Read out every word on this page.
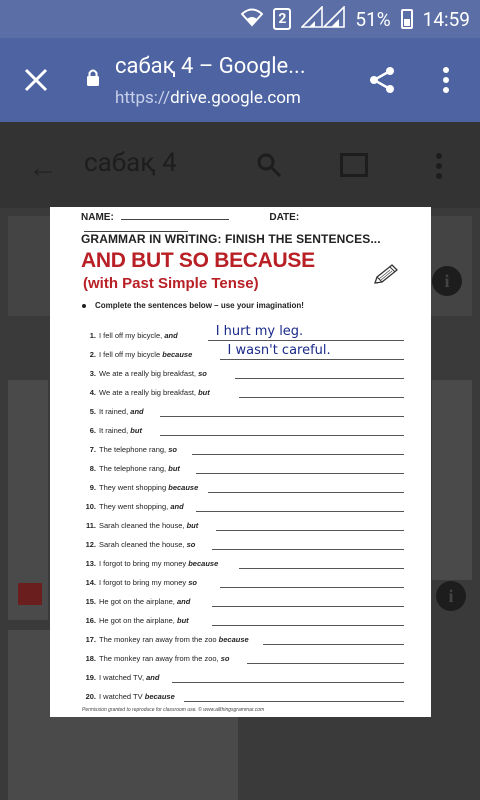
2	51% 14:59
сабақ 4 – Google...
https://drive.google.com
← сабақ 4
i
i
NAME:	DATE:
GRAMMAR IN WRITING: FINISH THE SENTENCES...
AND BUT SO BECAUSE
(with Past Simple Tense)
Complete the sentences below – use your imagination!
1. I fell off my bicycle, and	I hurt my leg.
2. I fell off my bicycle because	I wasn't careful.
3. We ate a really big breakfast, so
4. We ate a really big breakfast, but
5. It rained, and
6. It rained, but
7. The telephone rang, so
8. The telephone rang, but
9. They went shopping because
10. They went shopping, and
11. Sarah cleaned the house, but
12. Sarah cleaned the house, so
13. I forgot to bring my money because
14. I forgot to bring my money so
15. He got on the airplane, and
16. He got on the airplane, but
17. The monkey ran away from the zoo because
18. The monkey ran away from the zoo, so
19. I watched TV, and
20. I watched TV because
Permission granted to reproduce for classroom use. © www.allthingsgrammar.com
